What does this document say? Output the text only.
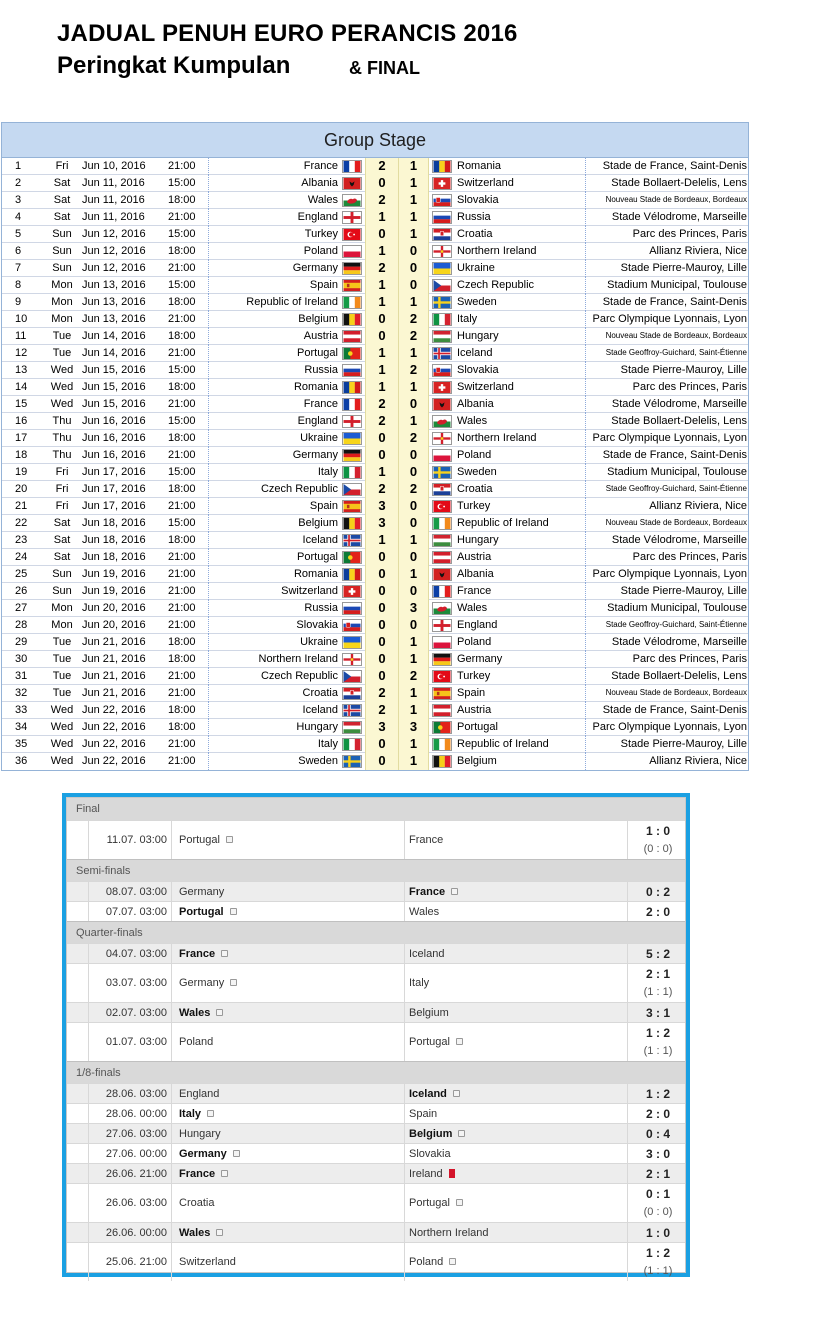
JADUAL PENUH EURO PERANCIS 2016
Peringkat Kumpulan	& FINAL
Group Stage
1	Fri	Jun 10, 2016 21:00	France	2	1	Romania	Stade de France, Saint-Denis
2	Sat	Jun 11, 2016 15:00	Albania	0	1	Switzerland	Stade Bollaert-Delelis, Lens
3	Sat	Jun 11, 2016 18:00	Wales	2	1	Slovakia	Nouveau Stade de Bordeaux, Bordeaux
4	Sat	Jun 11, 2016 21:00	England	1	1	Russia	Stade Vélodrome, Marseille
5	Sun Jun 12, 2016 15:00	Turkey	0	1	Croatia	Parc des Princes, Paris
6	Sun Jun 12, 2016 18:00	Poland	1	0	Northern Ireland	Allianz Riviera, Nice
7	Sun Jun 12, 2016 21:00	Germany	2	0	Ukraine	Stade Pierre-Mauroy, Lille
8	Mon Jun 13, 2016 15:00	Spain	1	0	Czech Republic	Stadium Municipal, Toulouse
9	Mon Jun 13, 2016 18:00	Republic of Ireland	1	1	Sweden	Stade de France, Saint-Denis
10	Mon Jun 13, 2016 21:00	Belgium	0	2	Italy	Parc Olympique Lyonnais, Lyon
11	Tue Jun 14, 2016 18:00	Austria	0	2	Hungary	Nouveau Stade de Bordeaux, Bordeaux
12	Tue Jun 14, 2016 21:00	Portugal	1	1	Iceland	Stade Geoffroy-Guichard, Saint-Étienne
13	Wed Jun 15, 2016 15:00	Russia	1	2	Slovakia	Stade Pierre-Mauroy, Lille
14	Wed Jun 15, 2016 18:00	Romania	1	1	Switzerland	Parc des Princes, Paris
15	Wed Jun 15, 2016 21:00	France	2	0	Albania	Stade Vélodrome, Marseille
16	Thu Jun 16, 2016 15:00	England	2	1	Wales	Stade Bollaert-Delelis, Lens
17	Thu Jun 16, 2016 18:00	Ukraine	0	2	Northern Ireland	Parc Olympique Lyonnais, Lyon
18	Thu Jun 16, 2016 21:00	Germany	0	0	Poland	Stade de France, Saint-Denis
19	Fri	Jun 17, 2016 15:00	Italy	1	0	Sweden	Stadium Municipal, Toulouse
20	Fri	Jun 17, 2016 18:00	Czech Republic	2	2	Croatia	Stade Geoffroy-Guichard, Saint-Étienne
21	Fri	Jun 17, 2016 21:00	Spain	3	0	Turkey	Allianz Riviera, Nice
22	Sat	Jun 18, 2016 15:00	Belgium	3	0	Republic of Ireland	Nouveau Stade de Bordeaux, Bordeaux
23	Sat	Jun 18, 2016 18:00	Iceland	1	1	Hungary	Stade Vélodrome, Marseille
24	Sat	Jun 18, 2016 21:00	Portugal	0	0	Austria	Parc des Princes, Paris
25	Sun Jun 19, 2016 21:00	Romania	0	1	Albania	Parc Olympique Lyonnais, Lyon
26	Sun Jun 19, 2016 21:00	Switzerland	0	0	France	Stade Pierre-Mauroy, Lille
27	Mon Jun 20, 2016 21:00	Russia	0	3	Wales	Stadium Municipal, Toulouse
28	Mon Jun 20, 2016 21:00	Slovakia	0	0	England	Stade Geoffroy-Guichard, Saint-Étienne
29	Tue Jun 21, 2016 18:00	Ukraine	0	1	Poland	Stade Vélodrome, Marseille
30	Tue Jun 21, 2016 18:00	Northern Ireland	0	1	Germany	Parc des Princes, Paris
31	Tue Jun 21, 2016 21:00	Czech Republic	0	2	Turkey	Stade Bollaert-Delelis, Lens
32	Tue Jun 21, 2016 21:00	Croatia	2	1	Spain	Nouveau Stade de Bordeaux, Bordeaux
33	Wed Jun 22, 2016 18:00	Iceland	2	1	Austria	Stade de France, Saint-Denis
34	Wed Jun 22, 2016 18:00	Hungary	3	3	Portugal	Parc Olympique Lyonnais, Lyon
35	Wed Jun 22, 2016 21:00	Italy	0	1	Republic of Ireland	Stade Pierre-Mauroy, Lille
36	Wed Jun 22, 2016 21:00	Sweden	0	1	Belgium	Allianz Riviera, Nice
Final
11.07. 03:00 Portugal	France
1 : 0
(0 : 0)
Semi-finals
08.07. 03:00 Germany	France	0 : 2
07.07. 03:00 Portugal	Wales	2 : 0
Quarter-finals
04.07. 03:00 France	Iceland	5 : 2
03.07. 03:00 Germany	Italy
2 : 1
(1 : 1)
02.07. 03:00 Wales	Belgium	3 : 1
01.07. 03:00 Poland	Portugal
1 : 2
(1 : 1)
1/8-finals
28.06. 03:00 England	Iceland	1 : 2
28.06. 00:00 Italy	Spain	2 : 0
27.06. 03:00 Hungary	Belgium	0 : 4
27.06. 00:00 Germany	Slovakia	3 : 0
26.06. 21:00 France	Ireland	2 : 1
26.06. 03:00 Croatia	Portugal
0 : 1
(0 : 0)
26.06. 00:00 Wales	Northern Ireland	1 : 0
25.06. 21:00 Switzerland	Poland
1 : 2
(1 : 1)
